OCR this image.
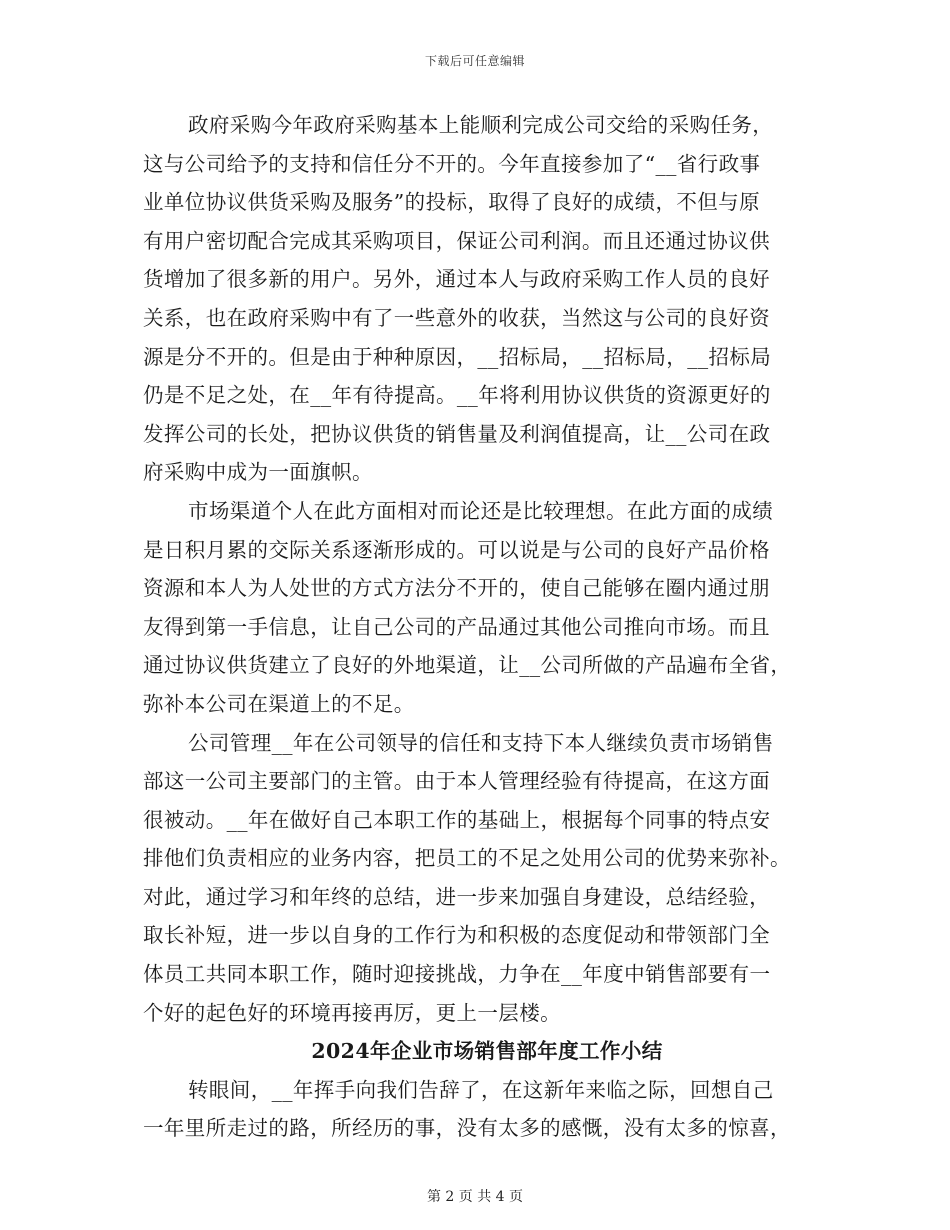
下载后可任意编辑
政府采购今年政府采购基本上能顺利完成公司交给的采购任务，
这与公司给予的支持和信任分不开的。今年直接参加了“__省行政事
业单位协议供货采购及服务”的投标，取得了良好的成绩，不但与原
有用户密切配合完成其采购项目，保证公司利润。而且还通过协议供
货增加了很多新的用户。另外，通过本人与政府采购工作人员的良好
关系，也在政府采购中有了一些意外的收获，当然这与公司的良好资
源是分不开的。但是由于种种原因，__招标局，__招标局，__招标局
仍是不足之处，在__年有待提高。__年将利用协议供货的资源更好的
发挥公司的长处，把协议供货的销售量及利润值提高，让__公司在政
府采购中成为一面旗帜。
市场渠道个人在此方面相对而论还是比较理想。在此方面的成绩
是日积月累的交际关系逐渐形成的。可以说是与公司的良好产品价格
资源和本人为人处世的方式方法分不开的，使自己能够在圈内通过朋
友得到第一手信息，让自己公司的产品通过其他公司推向市场。而且
通过协议供货建立了良好的外地渠道，让__公司所做的产品遍布全省，
弥补本公司在渠道上的不足。
公司管理__年在公司领导的信任和支持下本人继续负责市场销售
部这一公司主要部门的主管。由于本人管理经验有待提高，在这方面
很被动。__年在做好自己本职工作的基础上，根据每个同事的特点安
排他们负责相应的业务内容，把员工的不足之处用公司的优势来弥补。
对此，通过学习和年终的总结，进一步来加强自身建设，总结经验，
取长补短，进一步以自身的工作行为和积极的态度促动和带领部门全
体员工共同本职工作，随时迎接挑战，力争在__年度中销售部要有一
个好的起色好的环境再接再厉，更上一层楼。
2024年企业市场销售部年度工作小结
转眼间，__年挥手向我们告辞了，在这新年来临之际，回想自己
一年里所走过的路，所经历的事，没有太多的感慨，没有太多的惊喜，
第 2 页 共 4 页
